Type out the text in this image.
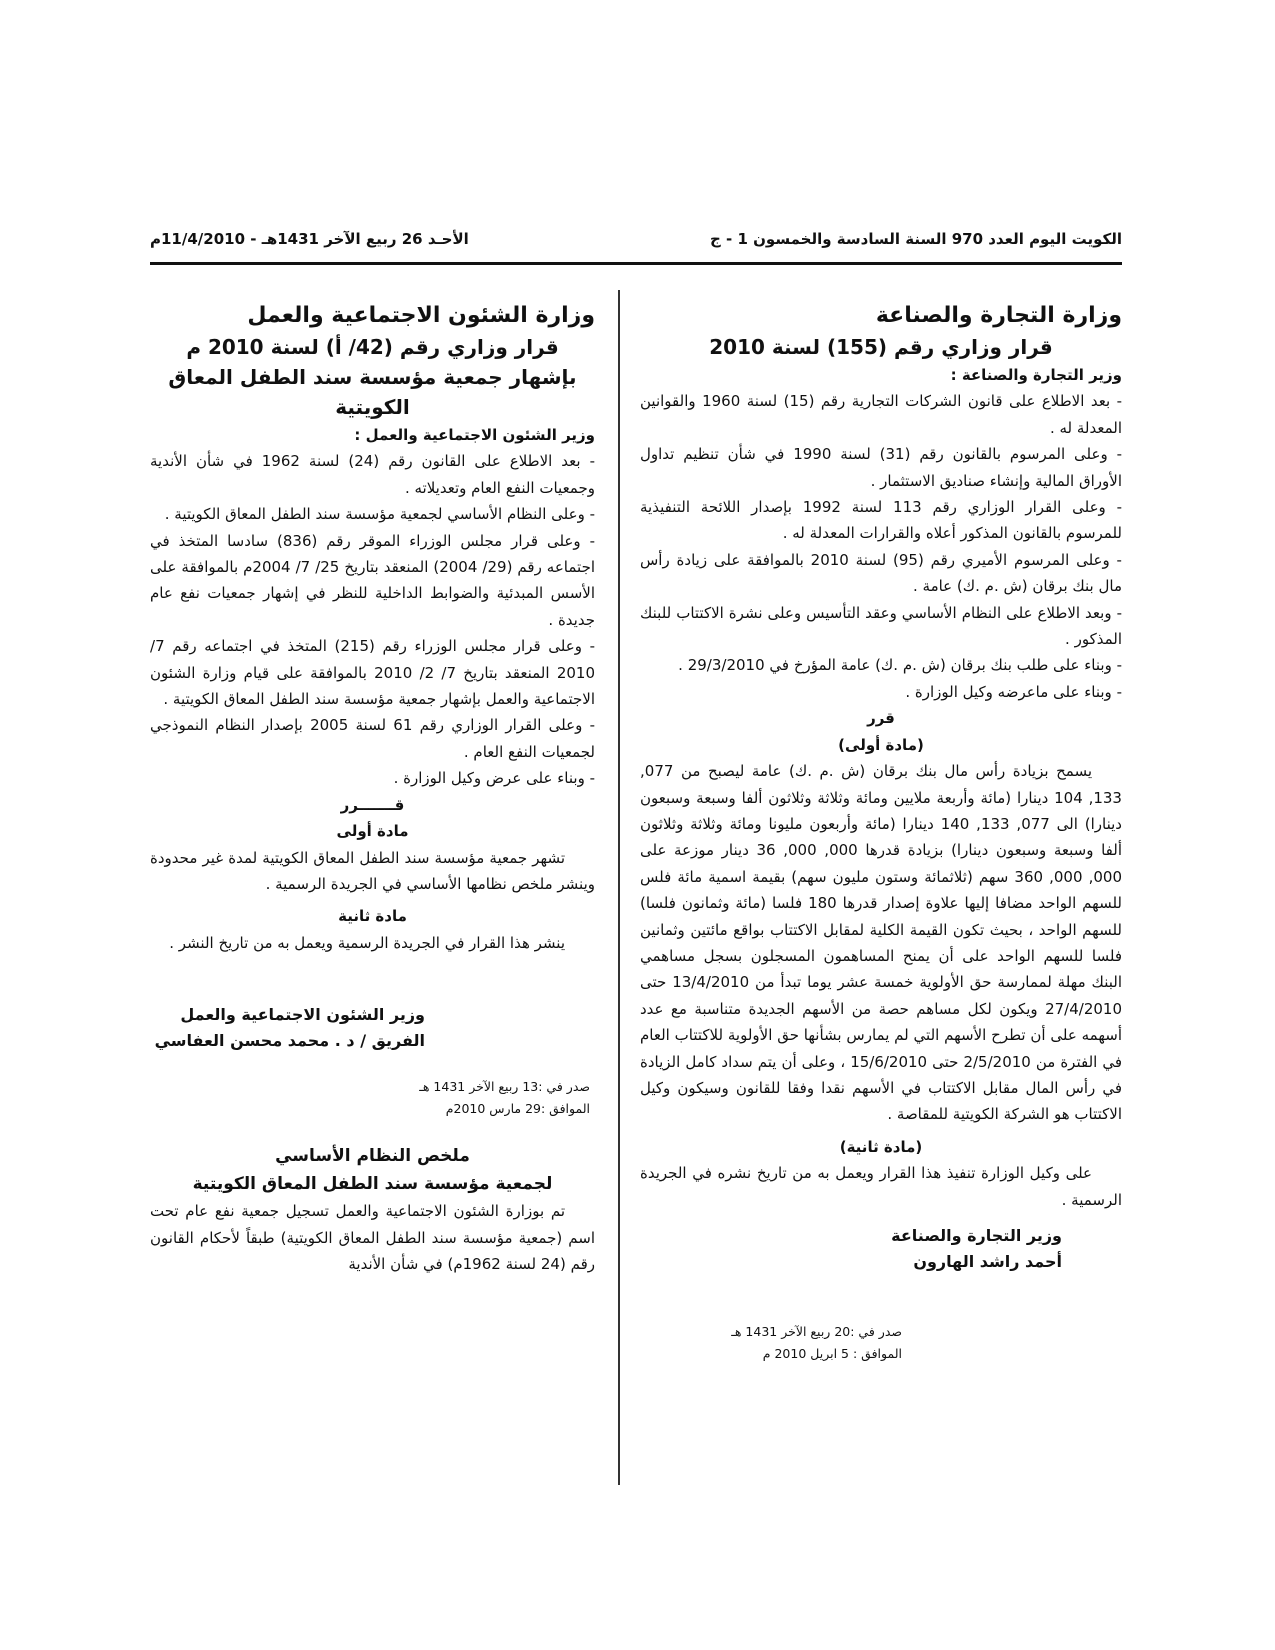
الكويت اليوم العدد 970 السنة السادسة والخمسون 1 - ج
الأحـد 26 ربيع الآخر 1431هـ - 11/4/2010م

وزارة التجارة والصناعة

قرار وزاري رقم (155) لسنة 2010

وزير التجارة والصناعة :

- بعد الاطلاع على قانون الشركات التجارية رقم (15) لسنة 1960 والقوانين المعدلة له .

- وعلى المرسوم بالقانون رقم (31) لسنة 1990 في شأن تنظيم تداول الأوراق المالية وإنشاء صناديق الاستثمار .

- وعلى القرار الوزاري رقم 113 لسنة 1992 بإصدار اللائحة التنفيذية للمرسوم بالقانون المذكور أعلاه والقرارات المعدلة له .

- وعلى المرسوم الأميري رقم (95) لسنة 2010 بالموافقة على زيادة رأس مال بنك برقان (ش .م .ك) عامة .

- وبعد الاطلاع على النظام الأساسي وعقد التأسيس وعلى نشرة الاكتتاب للبنك المذكور .

- وبناء على طلب بنك برقان (ش .م .ك) عامة المؤرخ في 29/3/2010 .

- وبناء على ماعرضه وكيل الوزارة .

قرر

(مادة أولى)

يسمح بزيادة رأس مال بنك برقان (ش .م .ك) عامة ليصبح من 077, 133, 104 دينارا (مائة وأربعة ملايين ومائة وثلاثة وثلاثون ألفا وسبعة وسبعون دينارا) الى 077, 133, 140 دينارا (مائة وأربعون مليونا ومائة وثلاثة وثلاثون ألفا وسبعة وسبعون دينارا) بزيادة قدرها 000, 000, 36 دينار موزعة على 000, 000, 360 سهم (ثلاثمائة وستون مليون سهم) بقيمة اسمية مائة فلس للسهم الواحد مضافا إليها علاوة إصدار قدرها 180 فلسا (مائة وثمانون فلسا) للسهم الواحد ، بحيث تكون القيمة الكلية لمقابل الاكتتاب بواقع مائتين وثمانين فلسا للسهم الواحد على أن يمنح المساهمون المسجلون بسجل مساهمي البنك مهلة لممارسة حق الأولوية خمسة عشر يوما تبدأ من 13/4/2010 حتى 27/4/2010 ويكون لكل مساهم حصة من الأسهم الجديدة متناسبة مع عدد أسهمه على أن تطرح الأسهم التي لم يمارس بشأنها حق الأولوية للاكتتاب العام في الفترة من 2/5/2010 حتى 15/6/2010 ، وعلى أن يتم سداد كامل الزيادة في رأس المال مقابل الاكتتاب في الأسهم نقدا وفقا للقانون وسيكون وكيل الاكتتاب هو الشركة الكويتية للمقاصة .

(مادة ثانية)

على وكيل الوزارة تنفيذ هذا القرار ويعمل به من تاريخ نشره في الجريدة الرسمية .

وزير التجارة والصناعة

أحمد راشد الهارون

صدر في :20 ربيع الآخر 1431 هـ

الموافق : 5 ابريل 2010 م

وزارة الشئون الاجتماعية والعمل

قرار وزاري رقم (42/ أ) لسنة 2010 م

بإشهار جمعية مؤسسة سند الطفل المعاق الكويتية

وزير الشئون الاجتماعية والعمل :

- بعد الاطلاع على القانون رقم (24) لسنة 1962 في شأن الأندية وجمعيات النفع العام وتعديلاته .

- وعلى النظام الأساسي لجمعية مؤسسة سند الطفل المعاق الكويتية .

- وعلى قرار مجلس الوزراء الموقر رقم (836) سادسا المتخذ في اجتماعه رقم (29/ 2004) المنعقد بتاريخ 25/ 7/ 2004م بالموافقة على الأسس المبدئية والضوابط الداخلية للنظر في إشهار جمعيات نفع عام جديدة .

- وعلى قرار مجلس الوزراء رقم (215) المتخذ في اجتماعه رقم 7/ 2010 المنعقد بتاريخ 7/ 2/ 2010 بالموافقة على قيام وزارة الشئون الاجتماعية والعمل بإشهار جمعية مؤسسة سند الطفل المعاق الكويتية .

- وعلى القرار الوزاري رقم 61 لسنة 2005 بإصدار النظام النموذجي لجمعيات النفع العام .

- وبناء على عرض وكيل الوزارة .

قـــــــرر

مادة أولى

تشهر جمعية مؤسسة سند الطفل المعاق الكويتية لمدة غير محدودة وينشر ملخص نظامها الأساسي في الجريدة الرسمية .

مادة ثانية

ينشر هذا القرار في الجريدة الرسمية ويعمل به من تاريخ النشر .

وزير الشئون الاجتماعية والعمل

الفريق / د . محمد محسن العفاسي

صدر في :13 ربيع الآخر 1431 هـ

الموافق :29 مارس 2010م

ملخص النظام الأساسي

لجمعية مؤسسة سند الطفل المعاق الكويتية

تم بوزارة الشئون الاجتماعية والعمل تسجيل جمعية نفع عام تحت اسم (جمعية مؤسسة سند الطفل المعاق الكويتية) طبقاً لأحكام القانون رقم (24 لسنة 1962م) في شأن الأندية
